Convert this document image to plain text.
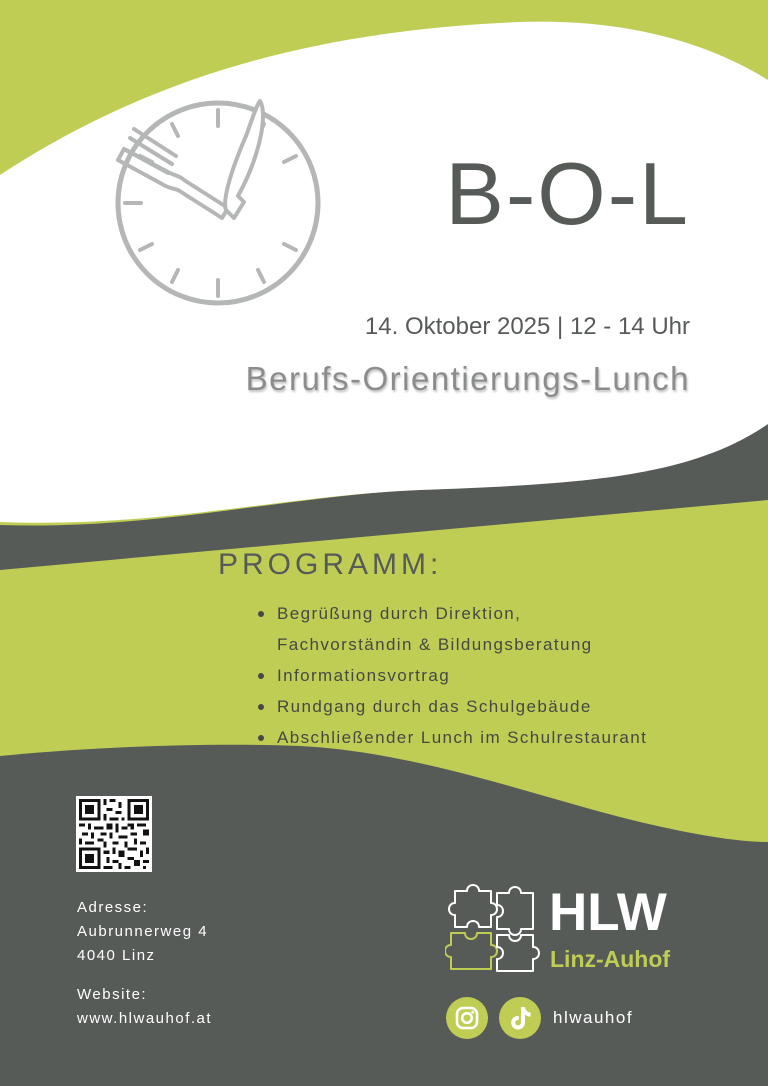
B-O-L
14. Oktober 2025 | 12 - 14 Uhr
Berufs-Orientierungs-Lunch
PROGRAMM:
Begrüßung durch Direktion,
Fachvorständin & Bildungsberatung
Informationsvortrag
Rundgang durch das Schulgebäude
Abschließender Lunch im Schulrestaurant
Adresse:
Aubrunnerweg 4
4040 Linz
Website:
www.hlwauhof.at
HLW
Linz-Auhof
hlwauhof
